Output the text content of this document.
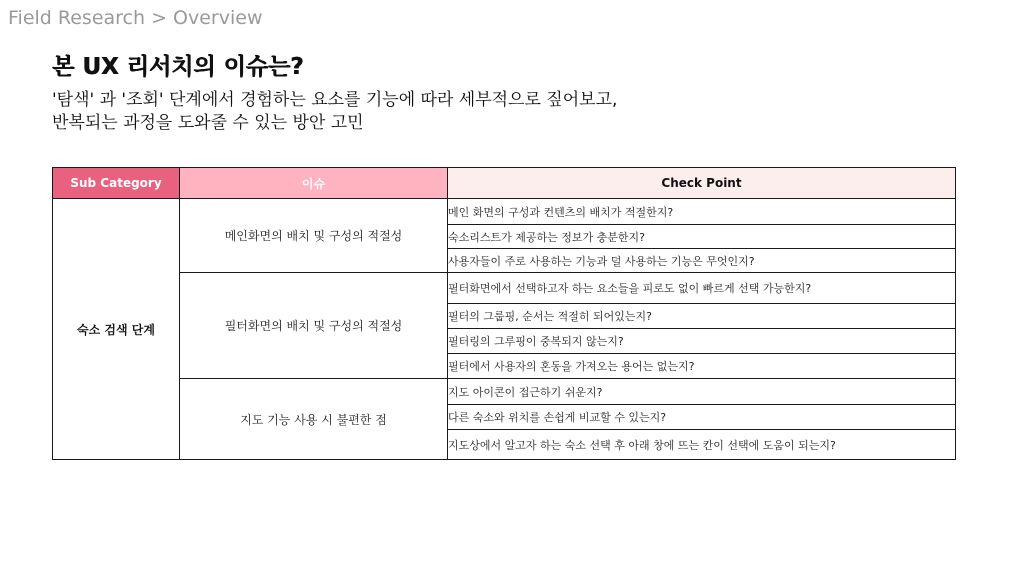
Field Research > Overview
본 UX 리서치의 이슈는?
'탐색' 과 '조회' 단계에서 경험하는 요소를 기능에 따라 세부적으로 짚어보고,
반복되는 과정을 도와줄 수 있는 방안 고민
Sub Category	이슈	Check Point
숙소 검색 단계	메인화면의 배치 및 구성의 적절성	메인 화면의 구성과 컨텐츠의 배치가 적절한지?
		숙소리스트가 제공하는 정보가 충분한지?
		사용자들이 주로 사용하는 기능과 덜 사용하는 기능은 무엇인지?
	필터화면의 배치 및 구성의 적절성	필터화면에서 선택하고자 하는 요소들을 피로도 없이 빠르게 선택 가능한지?
		필터의 그룹핑, 순서는 적절히 되어있는지?
		필터링의 그루핑이 중복되지 않는지?
		필터에서 사용자의 혼동을 가져오는 용어는 없는지?
	지도 기능 사용 시 불편한 점	지도 아이콘이 접근하기 쉬운지?
		다른 숙소와 위치를 손쉽게 비교할 수 있는지?
		지도상에서 알고자 하는 숙소 선택 후 아래 창에 뜨는 칸이 선택에 도움이 되는지?
